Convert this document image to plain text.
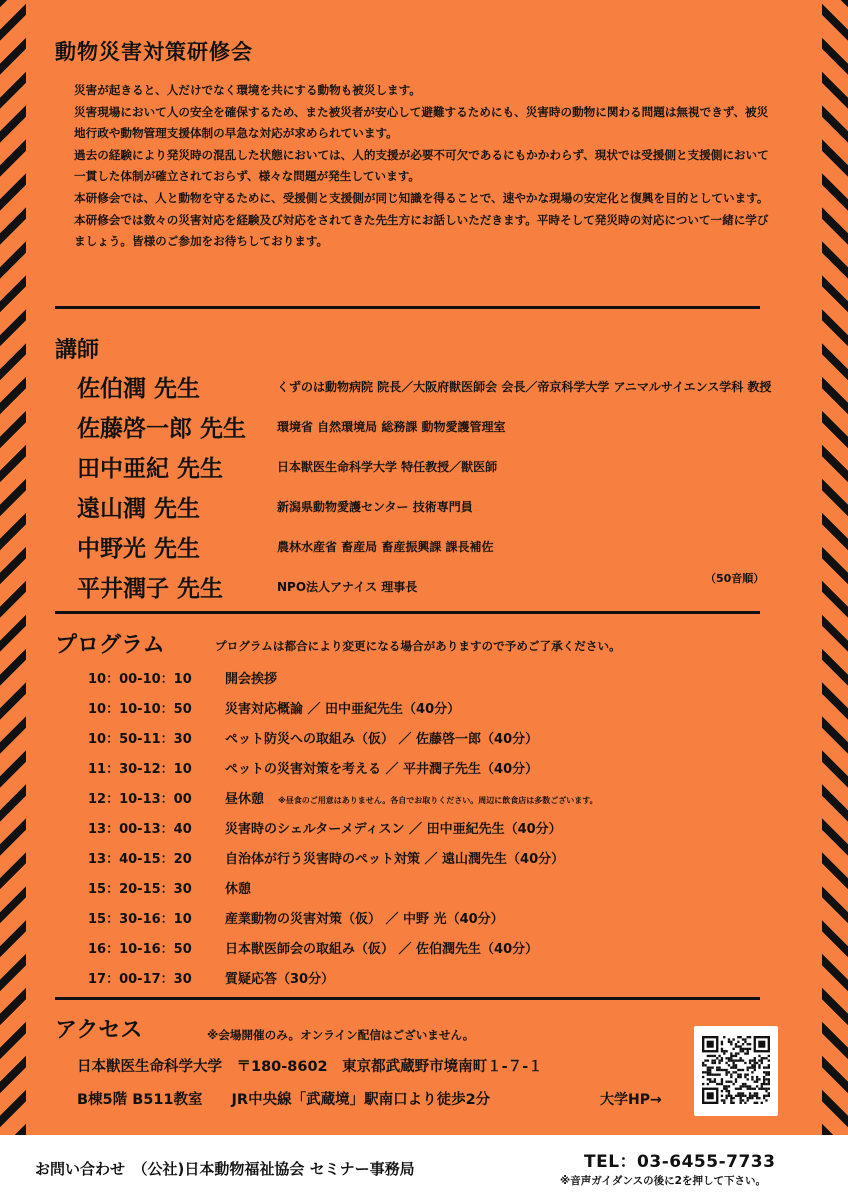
動物災害対策研修会

災害が起きると、人だけでなく環境を共にする動物も被災します。

災害現場において人の安全を確保するため、また被災者が安心して避難するためにも、災害時の動物に関わる問題は無視できず、被災地行政や動物管理支援体制の早急な対応が求められています。

過去の経験により発災時の混乱した状態においては、人的支援が必要不可欠であるにもかかわらず、現状では受援側と支援側において一貫した体制が確立されておらず、様々な問題が発生しています。

本研修会では、人と動物を守るために、受援側と支援側が同じ知識を得ることで、速やかな現場の安定化と復興を目的としています。本研修会では数々の災害対応を経験及び対応をされてきた先生方にお話しいただきます。平時そして発災時の対応について一緒に学びましょう。皆様のご参加をお待ちしております。

講師
佐伯潤 先生	くずのは動物病院 院長／大阪府獣医師会 会長／帝京科学大学 アニマルサイエンス学科 教授
佐藤啓一郎 先生	環境省 自然環境局 総務課 動物愛護管理室
田中亜紀 先生	日本獣医生命科学大学 特任教授／獣医師
遠山潤 先生	新潟県動物愛護センター 技術専門員
中野光 先生	農林水産省 畜産局 畜産振興課 課長補佐
平井潤子 先生	NPO法人アナイス 理事長
（50音順）
プログラム	プログラムは都合により変更になる場合がありますので予めご了承ください。
10：00-10：10	開会挨拶
10：10-10：50	災害対応概論 ／ 田中亜紀先生（40分）
10：50-11：30	ペット防災への取組み（仮） ／ 佐藤啓一郎（40分）
11：30-12：10	ペットの災害対策を考える ／ 平井潤子先生（40分）
12：10-13：00	昼休憩 ※昼食のご用意はありません。各自でお取りください。周辺に飲食店は多数ございます。
13：00-13：40	災害時のシェルターメディスン ／ 田中亜紀先生（40分）
13：40-15：20	自治体が行う災害時のペット対策 ／ 遠山潤先生（40分）
15：20-15：30	休憩
15：30-16：10	産業動物の災害対策（仮） ／ 中野 光（40分）
16：10-16：50	日本獣医師会の取組み（仮） ／ 佐伯潤先生（40分）
17：00-17：30	質疑応答（30分）
アクセス	※会場開催のみ。オンライン配信はございません。
日本獣医生命科学大学　〒180-8602　東京都武蔵野市境南町１-７-１
B棟5階 B511教室　　JR中央線「武蔵境」駅南口より徒歩2分	大学HP→
お問い合わせ　（公社)日本動物福祉協会 セミナー事務局	TEL：03-6455-7733
※音声ガイダンスの後に2を押して下さい。
